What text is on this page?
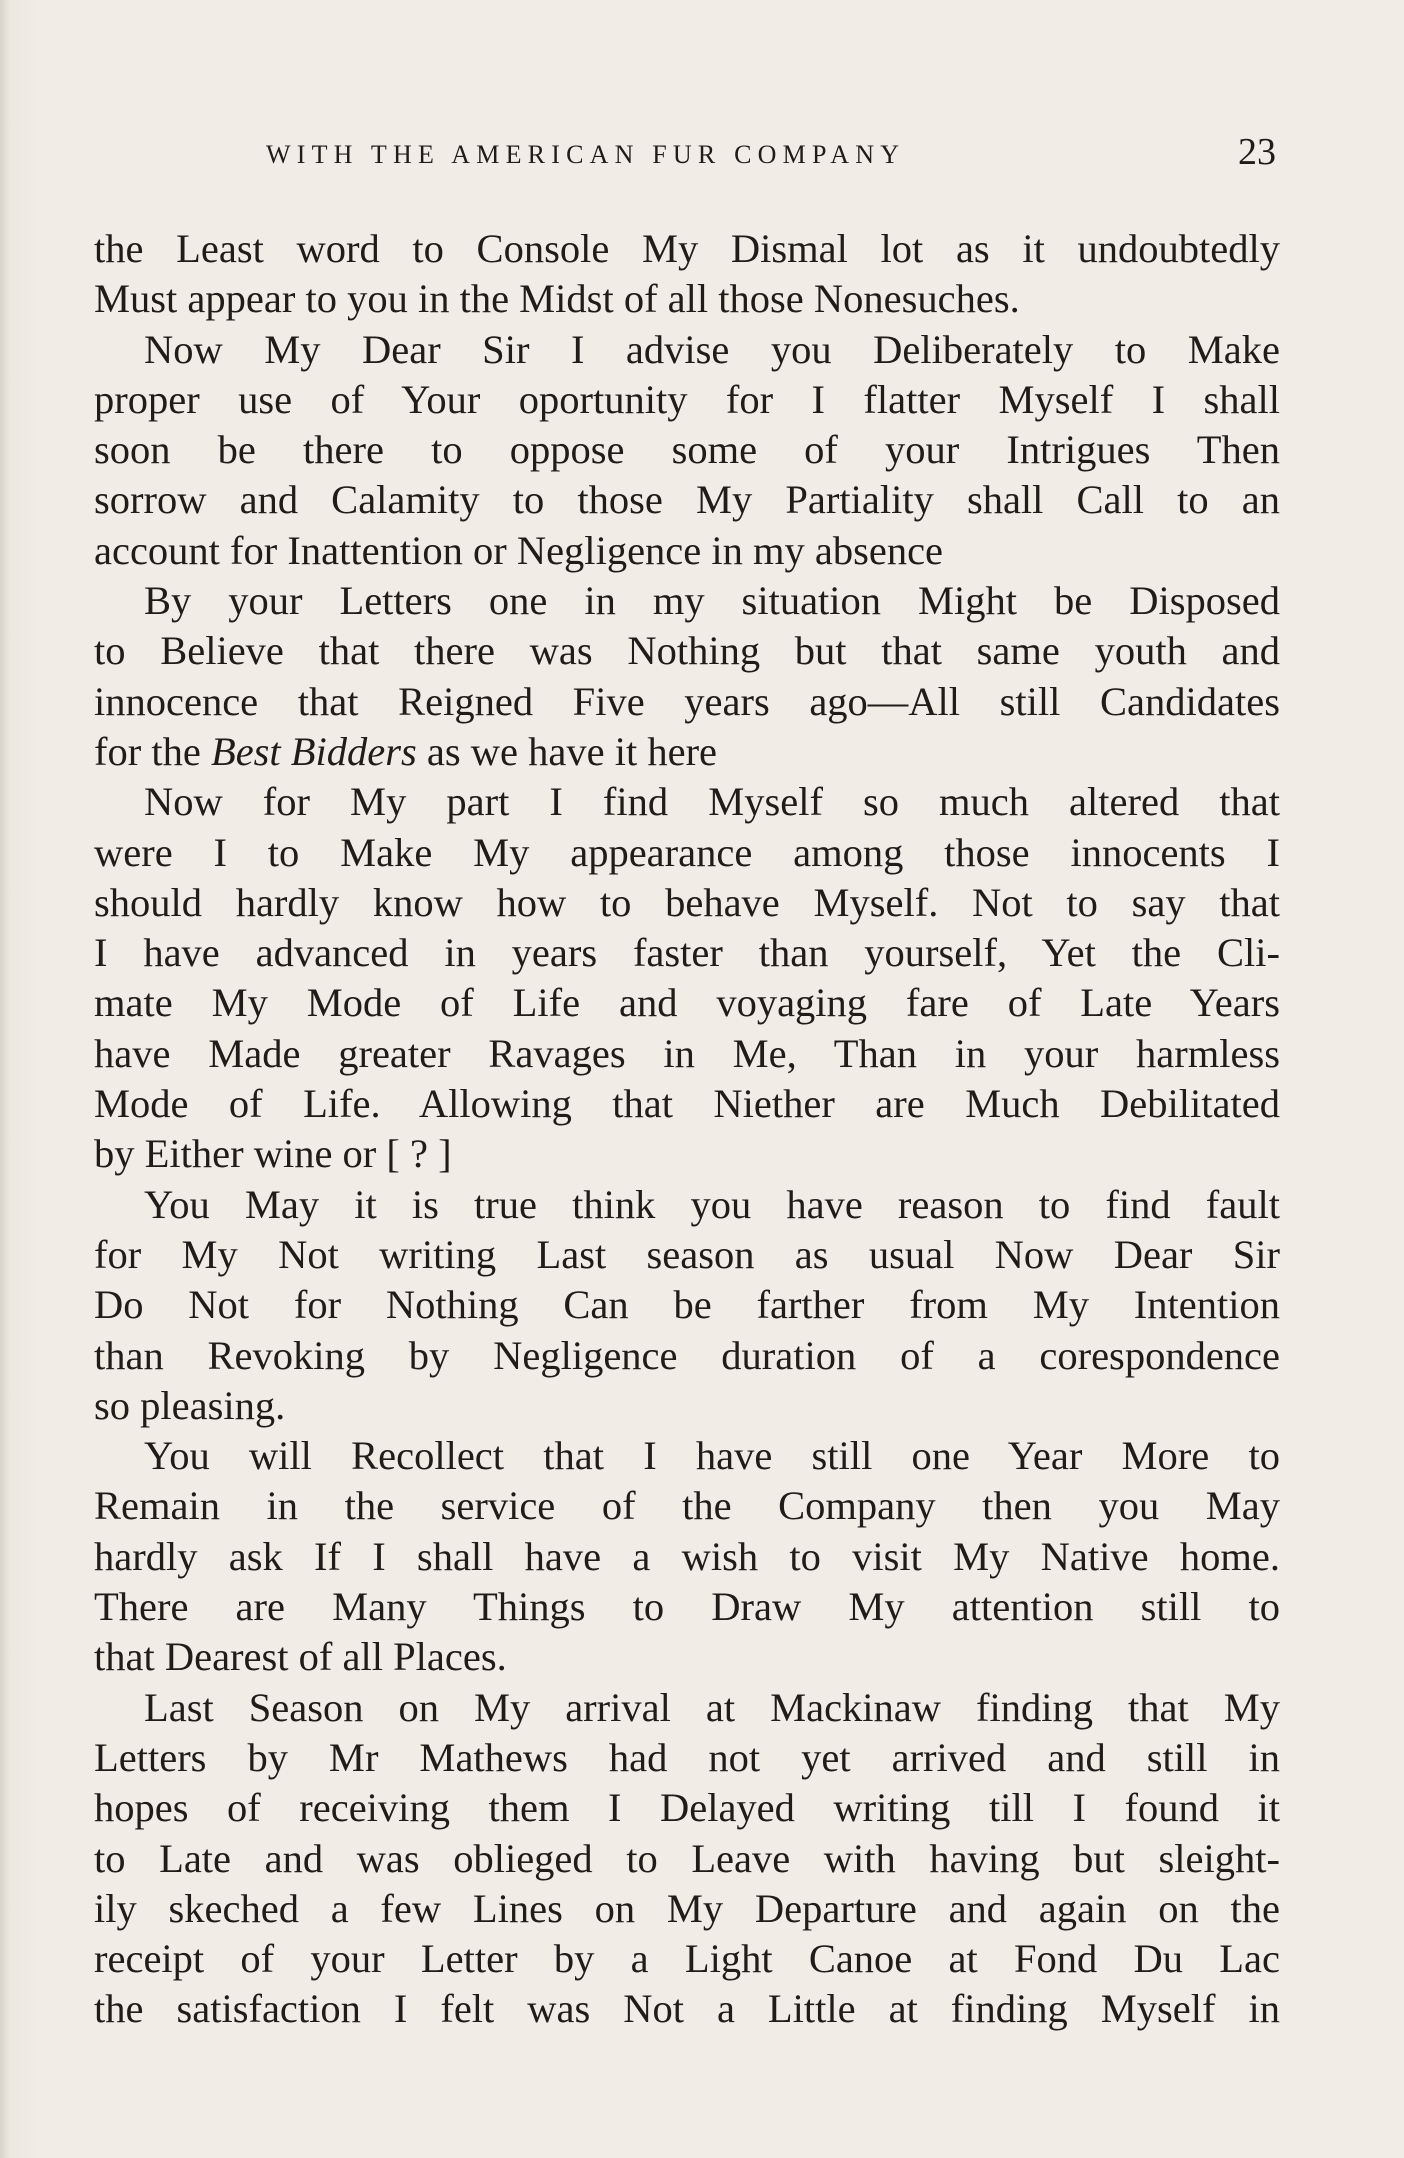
WITH THE AMERICAN FUR COMPANY	23
the Least word to Console My Dismal lot as it undoubtedly
Must appear to you in the Midst of all those Nonesuches.
Now My Dear Sir I advise you Deliberately to Make
proper use of Your oportunity for I flatter Myself I shall
soon be there to oppose some of your Intrigues Then
sorrow and Calamity to those My Partiality shall Call to an
account for Inattention or Negligence in my absence
By your Letters one in my situation Might be Disposed
to Believe that there was Nothing but that same youth and
innocence that Reigned Five years ago—All still Candidates
for the Best Bidders as we have it here
Now for My part I find Myself so much altered that
were I to Make My appearance among those innocents I
should hardly know how to behave Myself. Not to say that
I have advanced in years faster than yourself, Yet the Cli-
mate My Mode of Life and voyaging fare of Late Years
have Made greater Ravages in Me, Than in your harmless
Mode of Life. Allowing that Niether are Much Debilitated
by Either wine or [ ? ]
You May it is true think you have reason to find fault
for My Not writing Last season as usual Now Dear Sir
Do Not for Nothing Can be farther from My Intention
than Revoking by Negligence duration of a corespondence
so pleasing.
You will Recollect that I have still one Year More to
Remain in the service of the Company then you May
hardly ask If I shall have a wish to visit My Native home.
There are Many Things to Draw My attention still to
that Dearest of all Places.
Last Season on My arrival at Mackinaw finding that My
Letters by Mr Mathews had not yet arrived and still in
hopes of receiving them I Delayed writing till I found it
to Late and was oblieged to Leave with having but sleight-
ily skeched a few Lines on My Departure and again on the
receipt of your Letter by a Light Canoe at Fond Du Lac
the satisfaction I felt was Not a Little at finding Myself in
